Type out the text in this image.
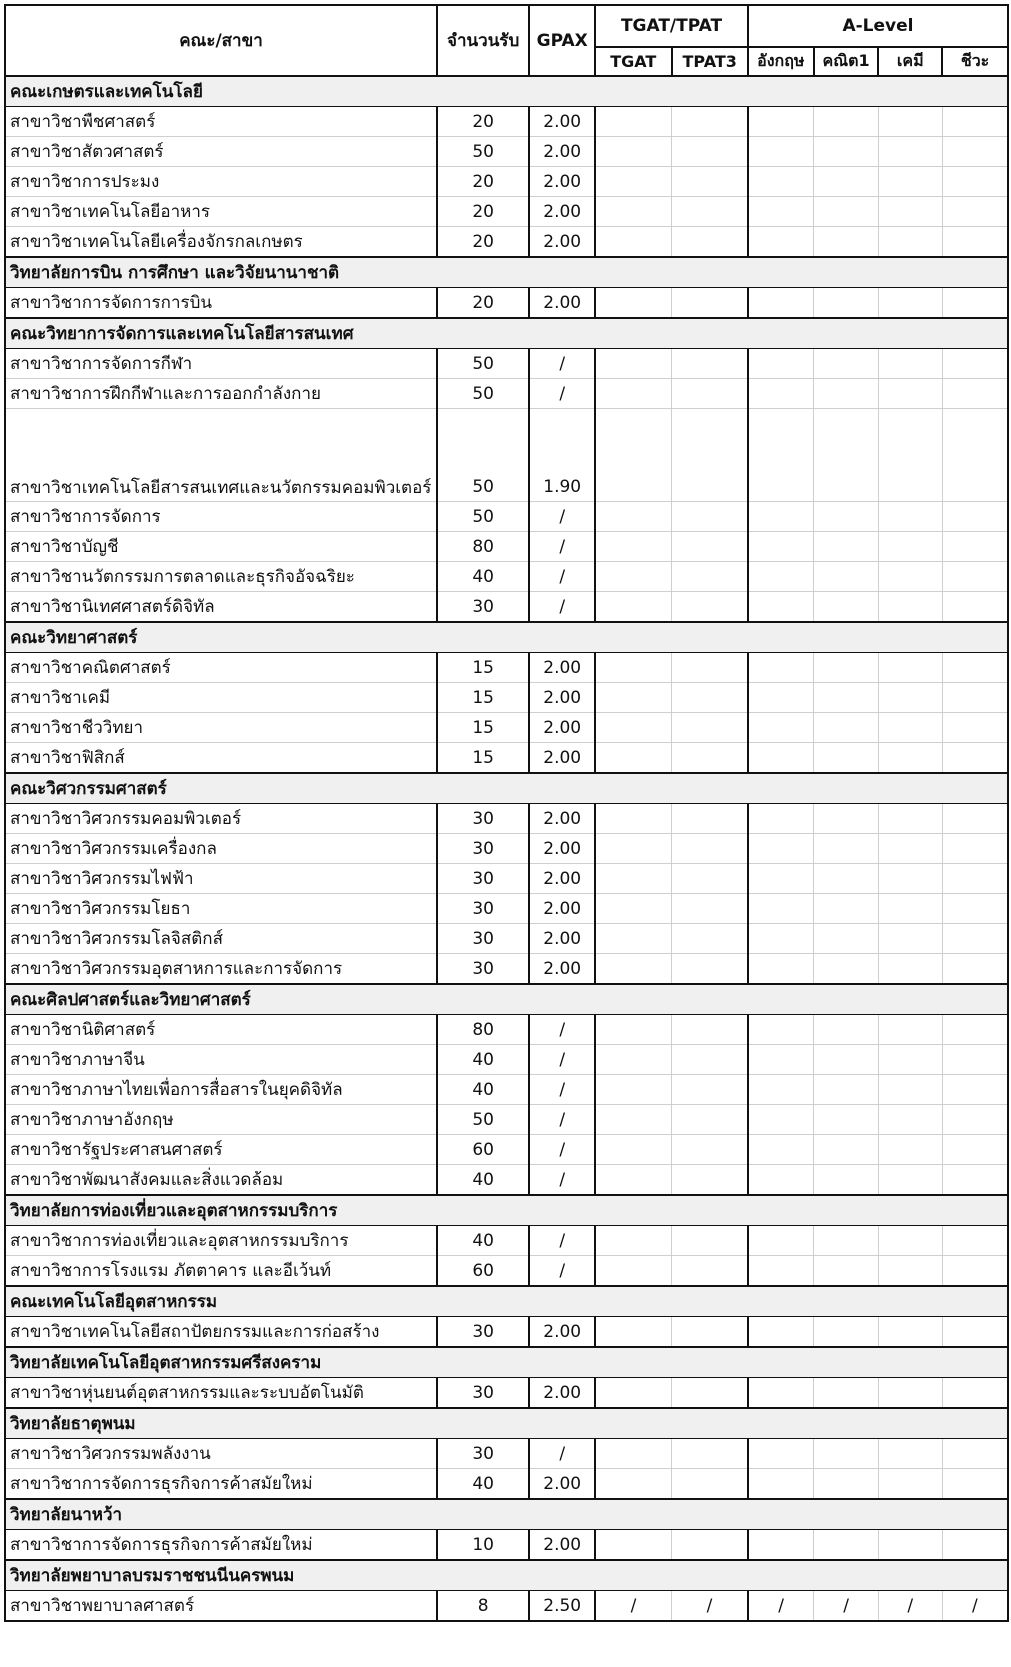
คณะ/สาขา	จำนวนรับ	GPAX	TGAT/TPAT		A-Level			
			TGAT	TPAT3	อังกฤษ	คณิต1	เคมี	ชีวะ
คณะเกษตรและเทคโนโลยี								
สาขาวิชาพืชศาสตร์	20	2.00						
สาขาวิชาสัตวศาสตร์	50	2.00						
สาขาวิชาการประมง	20	2.00						
สาขาวิชาเทคโนโลยีอาหาร	20	2.00						
สาขาวิชาเทคโนโลยีเครื่องจักรกลเกษตร	20	2.00						
วิทยาลัยการบิน การศึกษา และวิจัยนานาชาติ								
สาขาวิชาการจัดการการบิน	20	2.00						
คณะวิทยาการจัดการและเทคโนโลยีสารสนเทศ								
สาขาวิชาการจัดการกีฬา	50	/						
สาขาวิชาการฝึกกีฬาและการออกกำลังกาย	50	/						
สาขาวิชาเทคโนโลยีสารสนเทศและนวัตกรรมคอมพิวเตอร์	50	1.90						
สาขาวิชาการจัดการ	50	/						
สาขาวิชาบัญชี	80	/						
สาขาวิชานวัตกรรมการตลาดและธุรกิจอัจฉริยะ	40	/						
สาขาวิชานิเทศศาสตร์ดิจิทัล	30	/						
คณะวิทยาศาสตร์								
สาขาวิชาคณิตศาสตร์	15	2.00						
สาขาวิชาเคมี	15	2.00						
สาขาวิชาชีววิทยา	15	2.00						
สาขาวิชาฟิสิกส์	15	2.00						
คณะวิศวกรรมศาสตร์								
สาขาวิชาวิศวกรรมคอมพิวเตอร์	30	2.00						
สาขาวิชาวิศวกรรมเครื่องกล	30	2.00						
สาขาวิชาวิศวกรรมไฟฟ้า	30	2.00						
สาขาวิชาวิศวกรรมโยธา	30	2.00						
สาขาวิชาวิศวกรรมโลจิสติกส์	30	2.00						
สาขาวิชาวิศวกรรมอุตสาหการและการจัดการ	30	2.00						
คณะศิลปศาสตร์และวิทยาศาสตร์								
สาขาวิชานิติศาสตร์	80	/						
สาขาวิชาภาษาจีน	40	/						
สาขาวิชาภาษาไทยเพื่อการสื่อสารในยุคดิจิทัล	40	/						
สาขาวิชาภาษาอังกฤษ	50	/						
สาขาวิชารัฐประศาสนศาสตร์	60	/						
สาขาวิชาพัฒนาสังคมและสิ่งแวดล้อม	40	/						
วิทยาลัยการท่องเที่ยวและอุตสาหกรรมบริการ								
สาขาวิชาการท่องเที่ยวและอุตสาหกรรมบริการ	40	/						
สาขาวิชาการโรงแรม ภัตตาคาร และอีเว้นท์	60	/						
คณะเทคโนโลยีอุตสาหกรรม								
สาขาวิชาเทคโนโลยีสถาปัตยกรรมและการก่อสร้าง	30	2.00						
วิทยาลัยเทคโนโลยีอุตสาหกรรมศรีสงคราม								
สาขาวิชาหุ่นยนต์อุตสาหกรรมและระบบอัตโนมัติ	30	2.00						
วิทยาลัยธาตุพนม								
สาขาวิชาวิศวกรรมพลังงาน	30	/						
สาขาวิชาการจัดการธุรกิจการค้าสมัยใหม่	40	2.00						
วิทยาลัยนาหว้า								
สาขาวิชาการจัดการธุรกิจการค้าสมัยใหม่	10	2.00						
วิทยาลัยพยาบาลบรมราชชนนีนครพนม								
สาขาวิชาพยาบาลศาสตร์	8	2.50	/	/	/	/	/	/
